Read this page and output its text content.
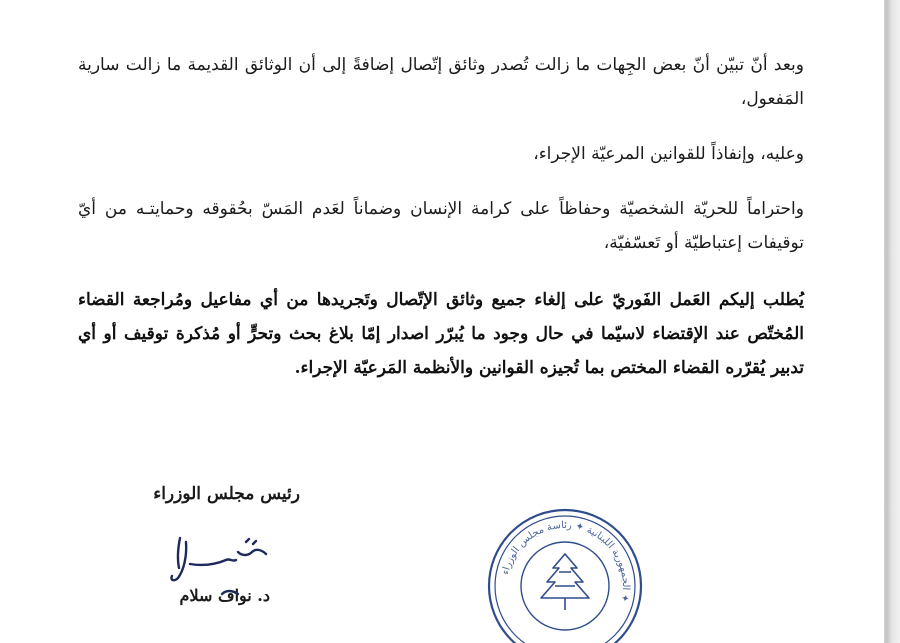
وبعد أنّ تبيّن أنّ بعض الجِهات ما زالت تُصدر وثائق إتّصال إضافةً إلى أن الوثائق القديمة ما زالت سارية المَفعول،

وعليه، وإنفاذاً للقوانين المرعيّة الإجراء،

واحتراماً للحريّة الشخصيّة وحفاظاً على كرامة الإنسان وضماناً لعَدم المَسّ بحُقوقه وحمايتـه من أيّ توقيفات إعتباطيّة أو تَعسّفيّة،

يُطلب إليكم العَمل الفَوريّ على إلغاء جميع وثائق الإتّصال وتَجريدها من أي مفاعيل ومُراجعة القضاء المُختّص عند الإقتضاء لاسيّما في حال وجود ما يُبرّر اصدار إمّا بلاغ بحث وتحرٍّ أو مُذكرة توقيف أو أي تدبير يُقرّره القضاء المختص بما تُجيزه القوانين والأنظمة المَرعيّة الإجراء.

رئيس مجلس الوزراء

د. نواف سلام

ﺍﻟﺠﻤﻬﻮﺭﻳﺔ ﺍﻟﻠﺒﻨﺎﻧﻴﺔ ✦ ﺭﺋﺎﺳﺔ ﻣﺠﻠﺲ ﺍﻟﻮﺯﺭﺍﺀ ✦
